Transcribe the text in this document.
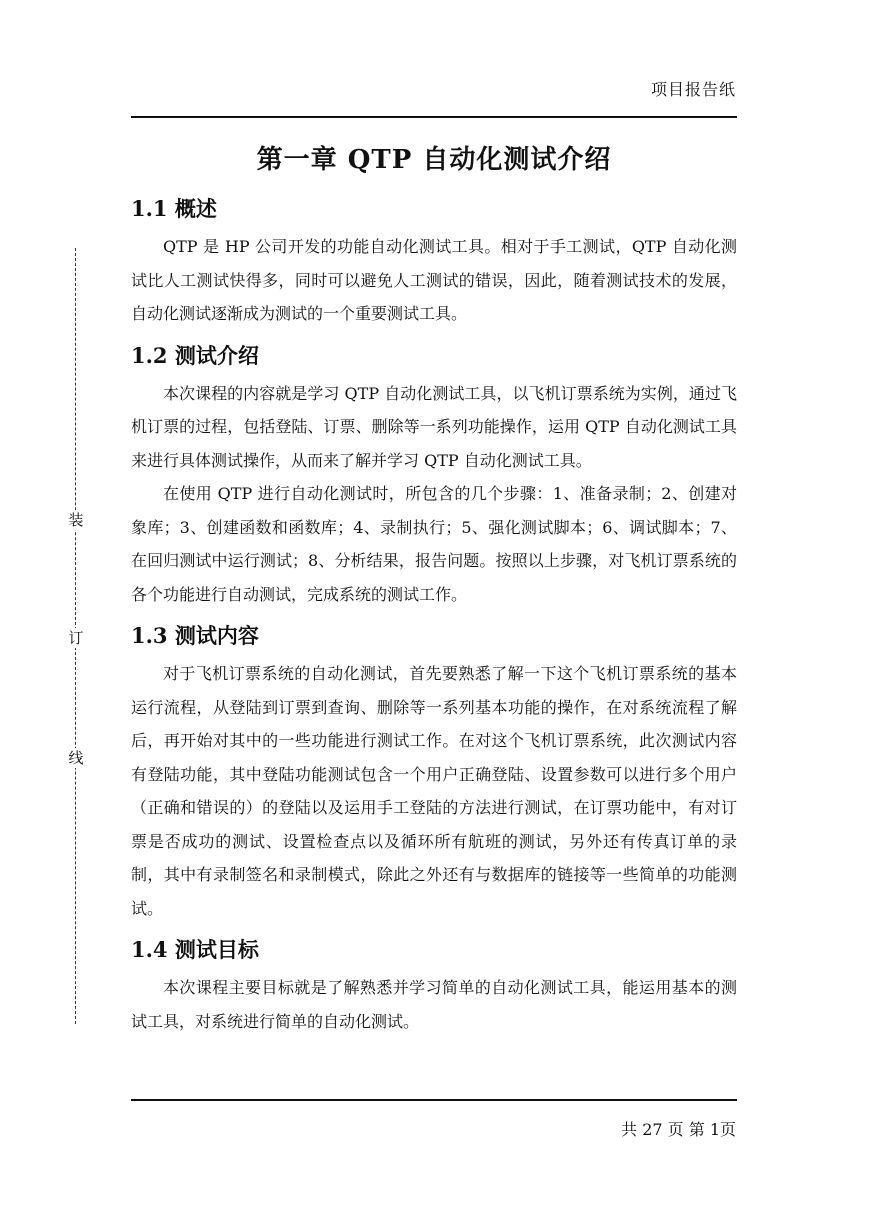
项目报告纸
装
订
线
第一章 QTP 自动化测试介绍
1.1 概述

QTP 是 HP 公司开发的功能自动化测试工具。相对于手工测试，QTP 自动化测试比人工测试快得多，同时可以避免人工测试的错误，因此，随着测试技术的发展，自动化测试逐渐成为测试的一个重要测试工具。

1.2 测试介绍

本次课程的内容就是学习 QTP 自动化测试工具，以飞机订票系统为实例，通过飞机订票的过程，包括登陆、订票、删除等一系列功能操作，运用 QTP 自动化测试工具来进行具体测试操作，从而来了解并学习 QTP 自动化测试工具。

在使用 QTP 进行自动化测试时，所包含的几个步骤：1、准备录制；2、创建对象库；3、创建函数和函数库；4、录制执行；5、强化测试脚本；6、调试脚本；7、在回归测试中运行测试；8、分析结果，报告问题。按照以上步骤，对飞机订票系统的各个功能进行自动测试，完成系统的测试工作。

1.3 测试内容

对于飞机订票系统的自动化测试，首先要熟悉了解一下这个飞机订票系统的基本运行流程，从登陆到订票到查询、删除等一系列基本功能的操作，在对系统流程了解后，再开始对其中的一些功能进行测试工作。在对这个飞机订票系统，此次测试内容有登陆功能，其中登陆功能测试包含一个用户正确登陆、设置参数可以进行多个用户（正确和错误的）的登陆以及运用手工登陆的方法进行测试，在订票功能中，有对订票是否成功的测试、设置检查点以及循环所有航班的测试，另外还有传真订单的录制，其中有录制签名和录制模式，除此之外还有与数据库的链接等一些简单的功能测试。

1.4 测试目标

本次课程主要目标就是了解熟悉并学习简单的自动化测试工具，能运用基本的测试工具，对系统进行简单的自动化测试。

共 27 页 第 1页
